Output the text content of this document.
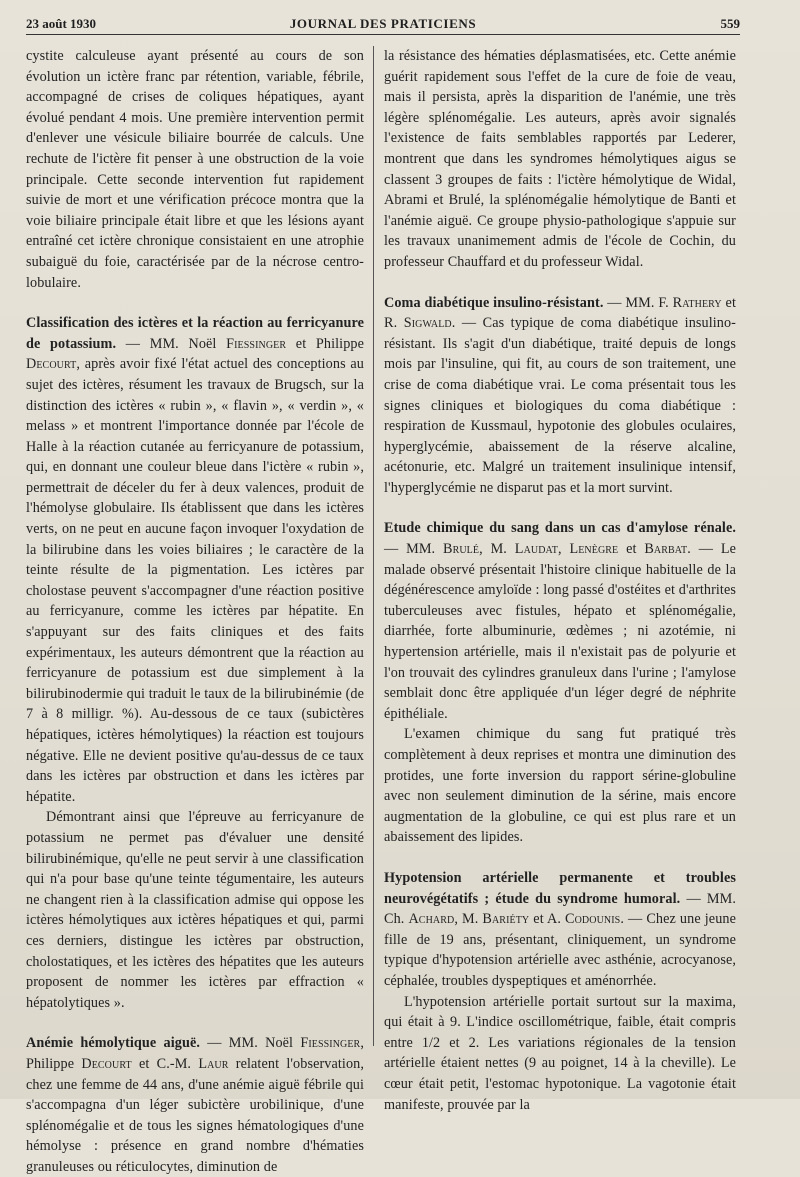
23 août 1930	JOURNAL DES PRATICIENS	559

cystite calculeuse ayant présenté au cours de son évolution un ictère franc par rétention, variable, fébrile, accompagné de crises de coliques hépatiques, ayant évolué pendant 4 mois. Une première intervention permit d'enlever une vésicule biliaire bourrée de calculs. Une rechute de l'ictère fit penser à une obstruction de la voie principale. Cette seconde intervention fut rapidement suivie de mort et une vérification précoce montra que la voie biliaire principale était libre et que les lésions ayant entraîné cet ictère chronique consistaient en une atrophie subaiguë du foie, caractérisée par de la nécrose centro-lobulaire.

Classification des ictères et la réaction au ferricyanure de potassium. — MM. Noël Fiessinger et Philippe Decourt, après avoir fixé l'état actuel des conceptions au sujet des ictères, résument les travaux de Brugsch, sur la distinction des ictères « rubin », « flavin », « verdin », « melass » et montrent l'importance donnée par l'école de Halle à la réaction cutanée au ferricyanure de potassium, qui, en donnant une couleur bleue dans l'ictère « rubin », permettrait de déceler du fer à deux valences, produit de l'hémolyse globulaire. Ils établissent que dans les ictères verts, on ne peut en aucune façon invoquer l'oxydation de la bilirubine dans les voies biliaires ; le caractère de la teinte résulte de la pigmentation. Les ictères par cholostase peuvent s'accompagner d'une réaction positive au ferricyanure, comme les ictères par hépatite. En s'appuyant sur des faits cliniques et des faits expérimentaux, les auteurs démontrent que la réaction au ferricyanure de potassium est due simplement à la bilirubinodermie qui traduit le taux de la bilirubinémie (de 7 à 8 milligr. %). Au-dessous de ce taux (subictères hépatiques, ictères hémolytiques) la réaction est toujours négative. Elle ne devient positive qu'au-dessus de ce taux dans les ictères par obstruction et dans les ictères par hépatite.

Démontrant ainsi que l'épreuve au ferricyanure de potassium ne permet pas d'évaluer une densité bilirubinémique, qu'elle ne peut servir à une classification qui n'a pour base qu'une teinte tégumentaire, les auteurs ne changent rien à la classification admise qui oppose les ictères hémolytiques aux ictères hépatiques et qui, parmi ces derniers, distingue les ictères par obstruction, cholostatiques, et les ictères des hépatites que les auteurs proposent de nommer les ictères par effraction « hépatolytiques ».

Anémie hémolytique aiguë. — MM. Noël Fiessinger, Philippe Decourt et C.-M. Laur relatent l'observation, chez une femme de 44 ans, d'une anémie aiguë fébrile qui s'accompagna d'un léger subictère urobilinique, d'une splénomégalie et de tous les signes hématologiques d'une hémolyse : présence en grand nombre d'hématies granuleuses ou réticulocytes, diminution de

la résistance des hématies déplasmatisées, etc. Cette anémie guérit rapidement sous l'effet de la cure de foie de veau, mais il persista, après la disparition de l'anémie, une très légère splénomégalie. Les auteurs, après avoir signalés l'existence de faits semblables rapportés par Lederer, montrent que dans les syndromes hémolytiques aigus se classent 3 groupes de faits : l'ictère hémolytique de Widal, Abrami et Brulé, la splénomégalie hémolytique de Banti et l'anémie aiguë. Ce groupe physio-pathologique s'appuie sur les travaux unanimement admis de l'école de Cochin, du professeur Chauffard et du professeur Widal.

Coma diabétique insulino-résistant. — MM. F. Rathery et R. Sigwald. — Cas typique de coma diabétique insulino-résistant. Ils s'agit d'un diabétique, traité depuis de longs mois par l'insuline, qui fit, au cours de son traitement, une crise de coma diabétique vrai. Le coma présentait tous les signes cliniques et biologiques du coma diabétique : respiration de Kussmaul, hypotonie des globules oculaires, hyperglycémie, abaissement de la réserve alcaline, acétonurie, etc. Malgré un traitement insulinique intensif, l'hyperglycémie ne disparut pas et la mort survint.

Etude chimique du sang dans un cas d'amylose rénale. — MM. Brulé, M. Laudat, Lenègre et Barbat. — Le malade observé présentait l'histoire clinique habituelle de la dégénérescence amyloïde : long passé d'ostéites et d'arthrites tuberculeuses avec fistules, hépato et splénomégalie, diarrhée, forte albuminurie, œdèmes ; ni azotémie, ni hypertension artérielle, mais il n'existait pas de polyurie et l'on trouvait des cylindres granuleux dans l'urine ; l'amylose semblait donc être appliquée d'un léger degré de néphrite épithéliale.

L'examen chimique du sang fut pratiqué très complètement à deux reprises et montra une diminution des protides, une forte inversion du rapport sérine-globuline avec non seulement diminution de la sérine, mais encore augmentation de la globuline, ce qui est plus rare et un abaissement des lipides.

Hypotension artérielle permanente et troubles neurovégétatifs ; étude du syndrome humoral. — MM. Ch. Achard, M. Bariéty et A. Codounis. — Chez une jeune fille de 19 ans, présentant, cliniquement, un syndrome typique d'hypotension artérielle avec asthénie, acrocyanose, céphalée, troubles dyspeptiques et aménorrhée.

L'hypotension artérielle portait surtout sur la maxima, qui était à 9. L'indice oscillométrique, faible, était compris entre 1/2 et 2. Les variations régionales de la tension artérielle étaient nettes (9 au poignet, 14 à la cheville). Le cœur était petit, l'estomac hypotonique. La vagotonie était manifeste, prouvée par la
